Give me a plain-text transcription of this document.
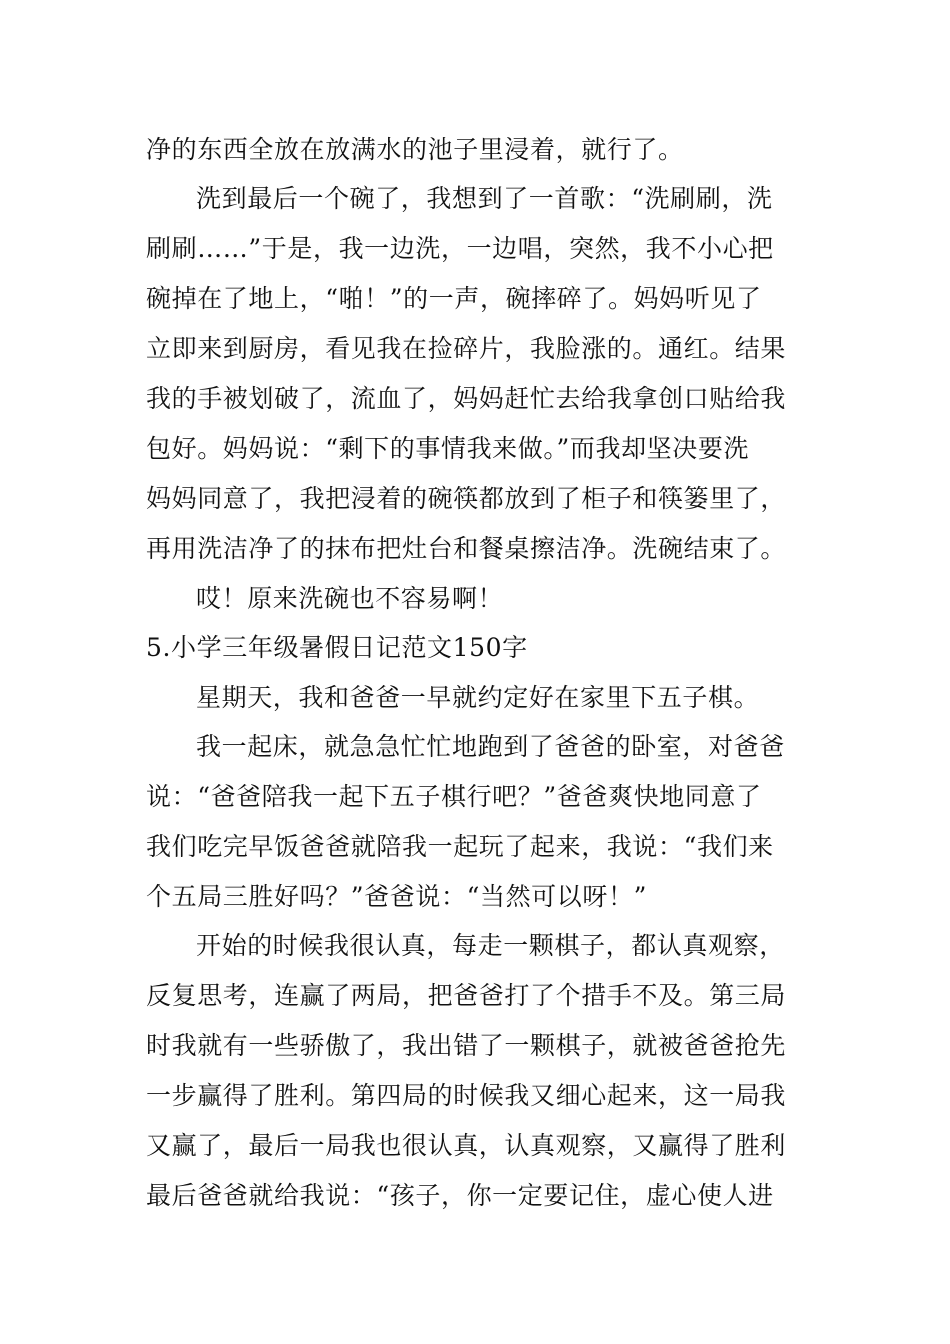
净的东西全放在放满水的池子里浸着，就行了。
洗到最后一个碗了，我想到了一首歌：“洗刷刷，洗
刷刷……”于是，我一边洗，一边唱，突然，我不小心把
碗掉在了地上，“啪！”的一声，碗摔碎了。妈妈听见了
立即来到厨房，看见我在捡碎片，我脸涨的。通红。结果
我的手被划破了，流血了，妈妈赶忙去给我拿创口贴给我
包好。妈妈说：“剩下的事情我来做。”而我却坚决要洗
妈妈同意了，我把浸着的碗筷都放到了柜子和筷篓里了，
再用洗洁净了的抹布把灶台和餐桌擦洁净。洗碗结束了。
哎！原来洗碗也不容易啊！
5.小学三年级暑假日记范文150字
星期天，我和爸爸一早就约定好在家里下五子棋。
我一起床，就急急忙忙地跑到了爸爸的卧室，对爸爸
说：“爸爸陪我一起下五子棋行吧？”爸爸爽快地同意了
我们吃完早饭爸爸就陪我一起玩了起来，我说：“我们来
个五局三胜好吗？”爸爸说：“当然可以呀！”
开始的时候我很认真，每走一颗棋子，都认真观察，
反复思考，连赢了两局，把爸爸打了个措手不及。第三局
时我就有一些骄傲了，我出错了一颗棋子，就被爸爸抢先
一步赢得了胜利。第四局的时候我又细心起来，这一局我
又赢了，最后一局我也很认真，认真观察，又赢得了胜利
最后爸爸就给我说：“孩子，你一定要记住，虚心使人进
